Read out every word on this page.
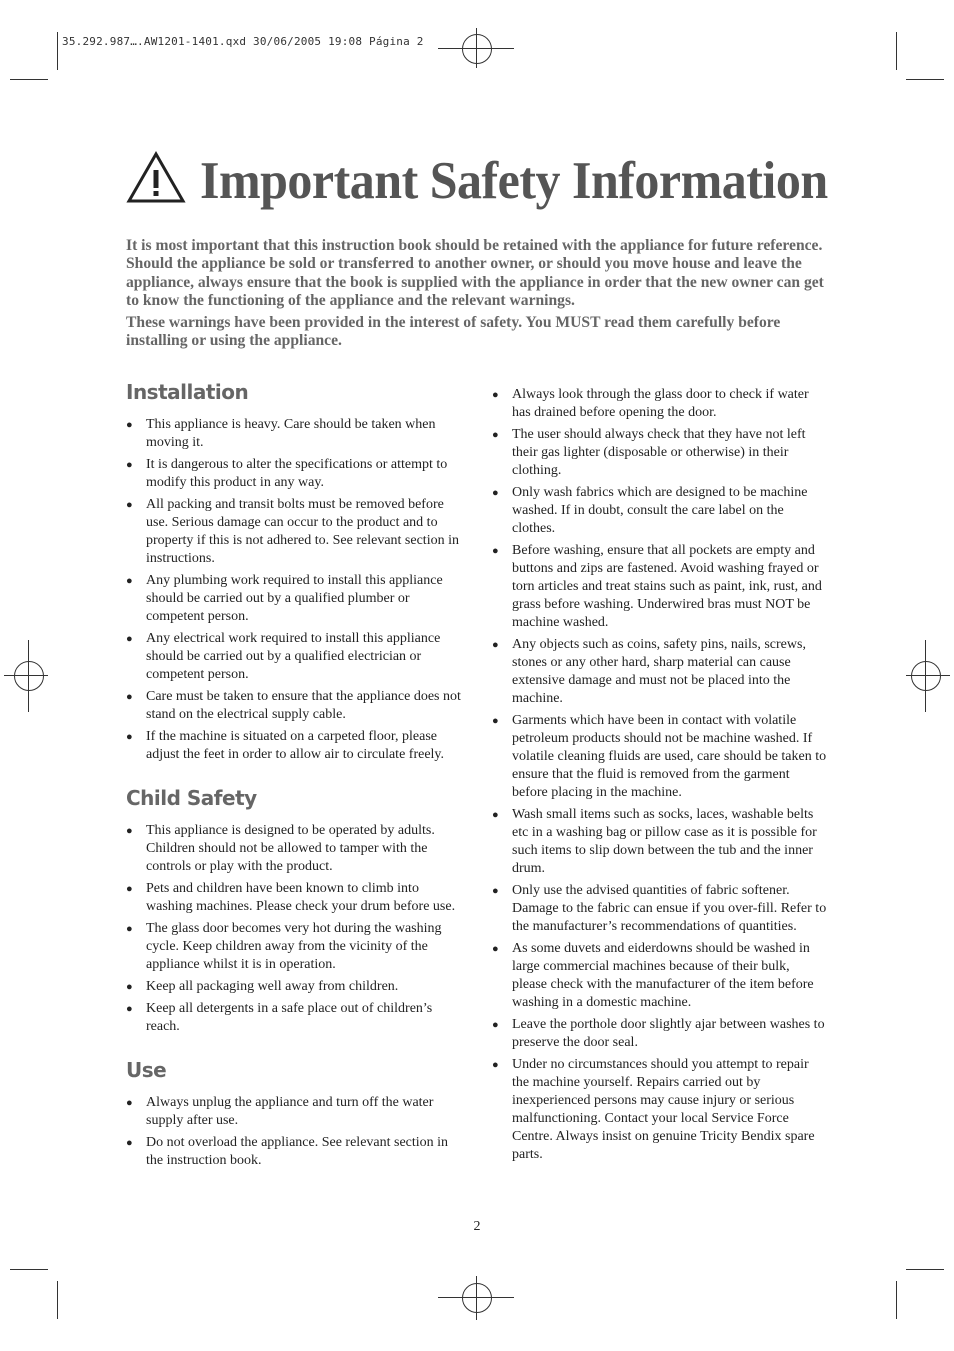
35.292.987….AW1201-1401.qxd 30/06/2005 19:08 Página 2
Important Safety Information

It is most important that this instruction book should be retained with the appliance for future reference. Should the appliance be sold or transferred to another owner, or should you move house and leave the appliance, always ensure that the book is supplied with the appliance in order that the new owner can get to know the functioning of the appliance and the relevant warnings.

These warnings have been provided in the interest of safety. You MUST read them carefully before installing or using the appliance.

Installation
● This appliance is heavy. Care should be taken when moving it.
● It is dangerous to alter the specifications or attempt to modify this product in any way.
● All packing and transit bolts must be removed before use. Serious damage can occur to the product and to property if this is not adhered to. See relevant section in instructions.
● Any plumbing work required to install this appliance should be carried out by a qualified plumber or competent person.
● Any electrical work required to install this appliance should be carried out by a qualified electrician or competent person.
● Care must be taken to ensure that the appliance does not stand on the electrical supply cable.
● If the machine is situated on a carpeted floor, please adjust the feet in order to allow air to circulate freely.
Child Safety
● This appliance is designed to be operated by adults. Children should not be allowed to tamper with the controls or play with the product.
● Pets and children have been known to climb into washing machines. Please check your drum before use.
● The glass door becomes very hot during the washing cycle. Keep children away from the vicinity of the appliance whilst it is in operation.
● Keep all packaging well away from children.
● Keep all detergents in a safe place out of children’s reach.
Use
● Always unplug the appliance and turn off the water supply after use.
● Do not overload the appliance. See relevant section in the instruction book.
● Always look through the glass door to check if water has drained before opening the door.
● The user should always check that they have not left their gas lighter (disposable or otherwise) in their clothing.
● Only wash fabrics which are designed to be machine washed. If in doubt, consult the care label on the clothes.
● Before washing, ensure that all pockets are empty and buttons and zips are fastened. Avoid washing frayed or torn articles and treat stains such as paint, ink, rust, and grass before washing. Underwired bras must NOT be machine washed.
● Any objects such as coins, safety pins, nails, screws, stones or any other hard, sharp material can cause extensive damage and must not be placed into the machine.
● Garments which have been in contact with volatile petroleum products should not be machine washed. If volatile cleaning fluids are used, care should be taken to ensure that the fluid is removed from the garment before placing in the machine.
● Wash small items such as socks, laces, washable belts etc in a washing bag or pillow case as it is possible for such items to slip down between the tub and the inner drum.
● Only use the advised quantities of fabric softener. Damage to the fabric can ensue if you over-fill. Refer to the manufacturer’s recommendations of quantities.
● As some duvets and eiderdowns should be washed in large commercial machines because of their bulk, please check with the manufacturer of the item before washing in a domestic machine.
● Leave the porthole door slightly ajar between washes to preserve the door seal.
● Under no circumstances should you attempt to repair the machine yourself. Repairs carried out by inexperienced persons may cause injury or serious malfunctioning. Contact your local Service Force Centre. Always insist on genuine Tricity Bendix spare parts.
2
